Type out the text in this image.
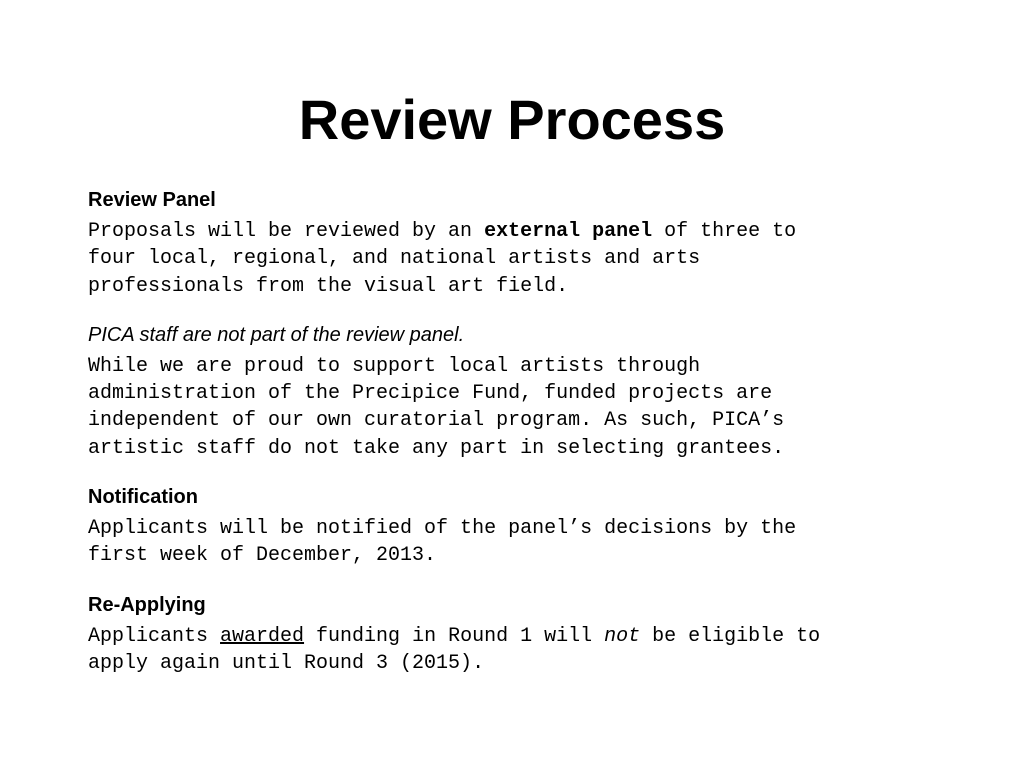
Review Process
Review Panel
Proposals will be reviewed by an external panel of three to
four local, regional, and national artists and arts
professionals from the visual art field.
PICA staff are not part of the review panel.
While we are proud to support local artists through
administration of the Precipice Fund, funded projects are
independent of our own curatorial program. As such, PICA’s
artistic staff do not take any part in selecting grantees.
Notification
Applicants will be notified of the panel’s decisions by the
first week of December, 2013.
Re-Applying
Applicants awarded funding in Round 1 will not be eligible to
apply again until Round 3 (2015).
